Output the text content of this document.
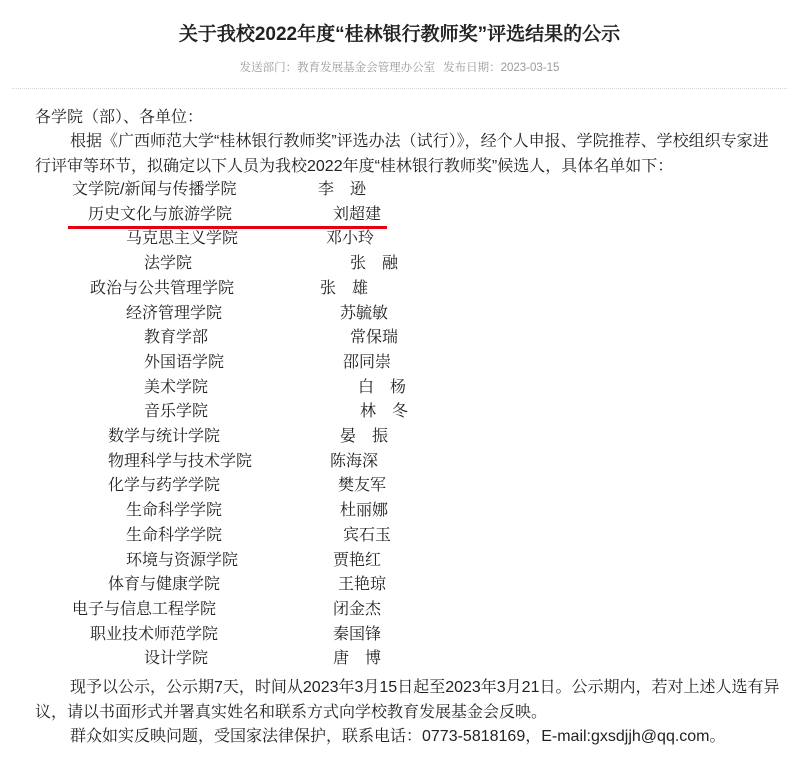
关于我校2022年度“桂林银行教师奖”评选结果的公示
发送部门：教育发展基金会管理办公室 发布日期：2023-03-15

各学院（部）、各单位：

根据《广西师范大学“桂林银行教师奖”评选办法（试行）》，经个人申报、学院推荐、学校组织专家进行评审等环节，拟确定以下人员为我校2022年度“桂林银行教师奖”候选人，具体名单如下：

文学院/新闻与传播学院	李　逊
历史文化与旅游学院	刘超建
马克思主义学院	邓小玲
法学院	张　融
政治与公共管理学院	张　雄
经济管理学院	苏毓敏
教育学部	常保瑞
外国语学院	邵同崇
美术学院	白　杨
音乐学院	林　冬
数学与统计学院	晏　振
物理科学与技术学院	陈海深
化学与药学学院	樊友军
生命科学学院	杜丽娜
生命科学学院	宾石玉
环境与资源学院	贾艳红
体育与健康学院	王艳琼
电子与信息工程学院	闭金杰
职业技术师范学院	秦国锋
设计学院	唐　博

现予以公示，公示期7天，时间从2023年3月15日起至2023年3月21日。公示期内，若对上述人选有异议，请以书面形式并署真实姓名和联系方式向学校教育发展基金会反映。

群众如实反映问题，受国家法律保护，联系电话：0773-5818169，E-mail:gxsdjjh@qq.com。
